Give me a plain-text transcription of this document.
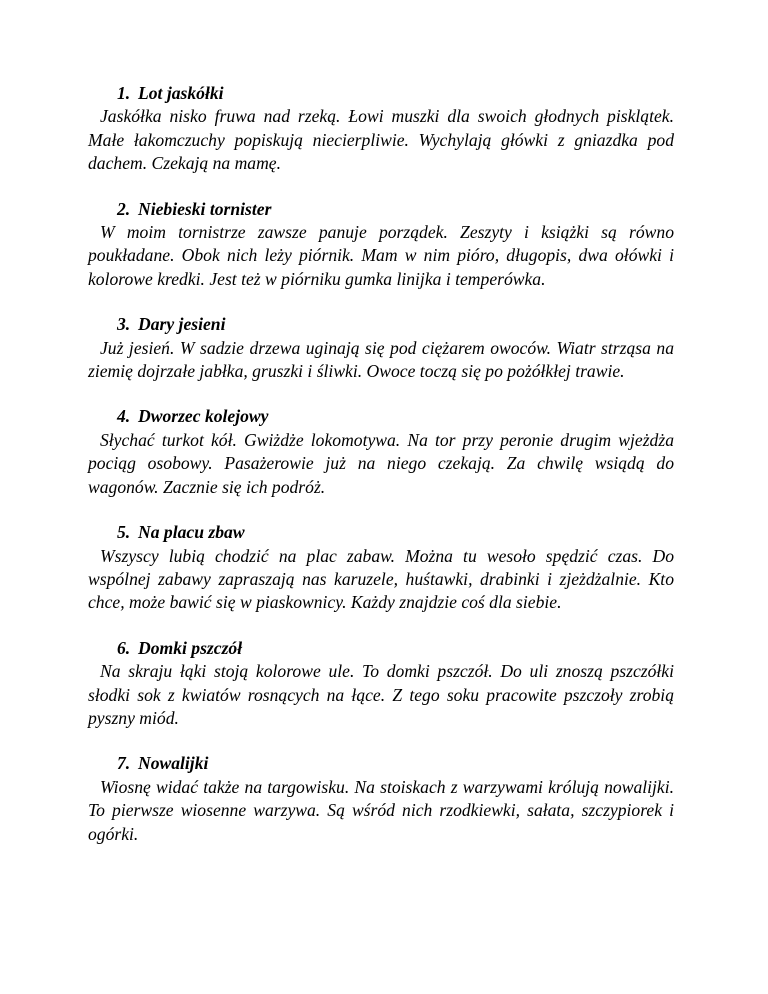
1. Lot jaskółki
Jaskółka nisko fruwa nad rzeką. Łowi muszki dla swoich głodnych pisklątek. Małe łakomczuchy popiskują niecierpliwie. Wychylają główki z gniazdka pod dachem. Czekają na mamę.
2. Niebieski tornister
W moim tornistrze zawsze panuje porządek. Zeszyty i książki są równo poukładane. Obok nich leży piórnik. Mam w nim pióro, długopis, dwa ołówki i kolorowe kredki. Jest też w piórniku gumka linijka i temperówka.
3. Dary jesieni
Już jesień. W sadzie drzewa uginają się pod ciężarem owoców. Wiatr strząsa na ziemię dojrzałe jabłka, gruszki i śliwki. Owoce toczą się po pożółkłej trawie.
4. Dworzec kolejowy
Słychać turkot kół. Gwiżdże lokomotywa. Na tor przy peronie drugim wjeżdża pociąg osobowy. Pasażerowie już na niego czekają. Za chwilę wsiądą do wagonów. Zacznie się ich podróż.
5. Na placu zbaw
Wszyscy lubią chodzić na plac zabaw. Można tu wesoło spędzić czas. Do wspólnej zabawy zapraszają nas karuzele, huśtawki, drabinki i zjeżdżalnie. Kto chce, może bawić się w piaskownicy. Każdy znajdzie coś dla siebie.
6. Domki pszczół
Na skraju łąki stoją kolorowe ule. To domki pszczół. Do uli znoszą pszczółki słodki sok z kwiatów rosnących na łące. Z tego soku pracowite pszczoły zrobią pyszny miód.
7. Nowalijki
Wiosnę widać także na targowisku. Na stoiskach z warzywami królują nowalijki. To pierwsze wiosenne warzywa. Są wśród nich rzodkiewki, sałata, szczypiorek i ogórki.
